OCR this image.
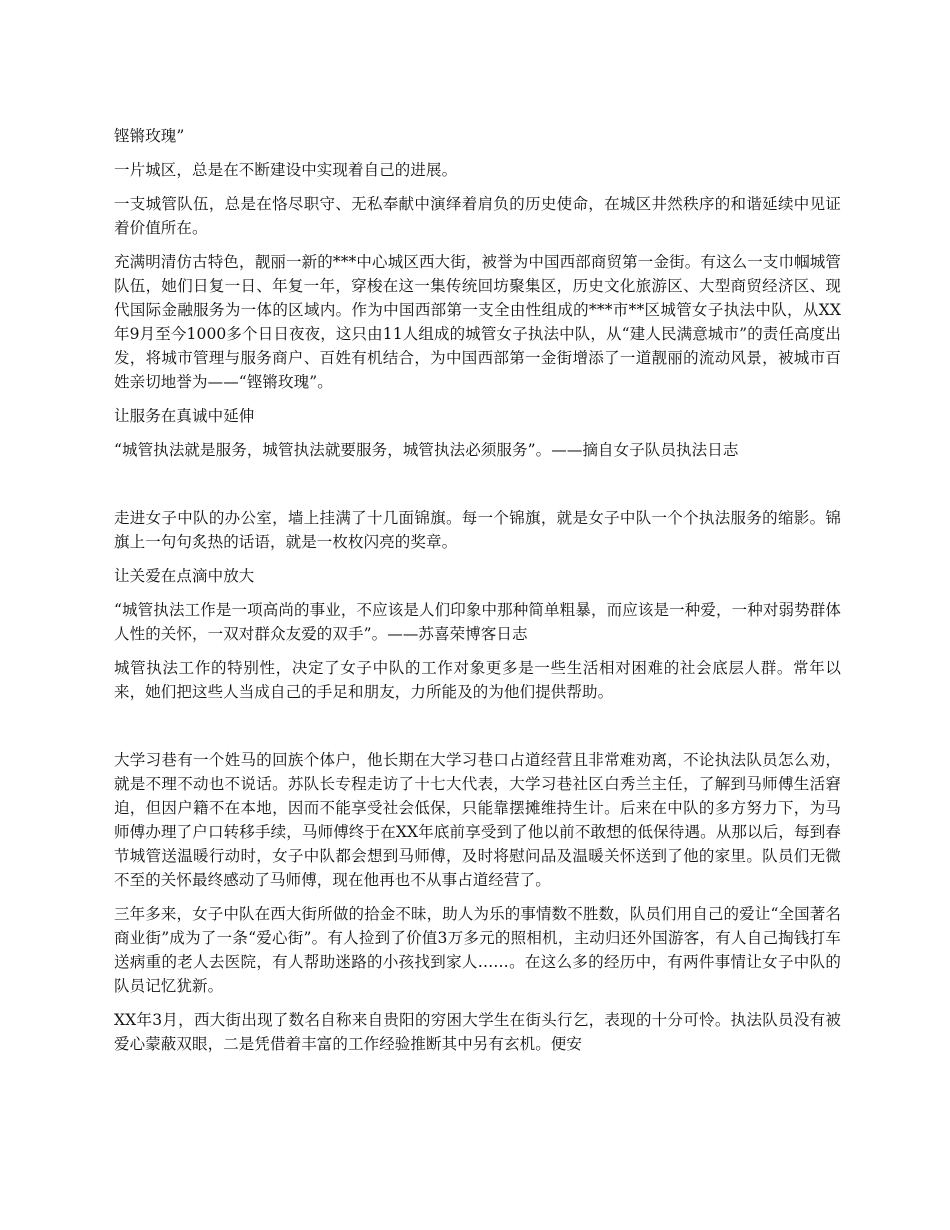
铿锵玫瑰”

一片城区，总是在不断建设中实现着自己的进展。

一支城管队伍，总是在恪尽职守、无私奉献中演绎着肩负的历史使命，在城区井然秩序的和谐延续中见证着价值所在。

充满明清仿古特色，靓丽一新的***中心城区西大街，被誉为中国西部商贸第一金街。有这么一支巾帼城管队伍，她们日复一日、年复一年，穿梭在这一集传统回坊聚集区，历史文化旅游区、大型商贸经济区、现代国际金融服务为一体的区域内。作为中国西部第一支全由性组成的***市**区城管女子执法中队，从XX年9月至今1000多个日日夜夜，这只由11人组成的城管女子执法中队，从“建人民满意城市”的责任高度出发，将城市管理与服务商户、百姓有机结合，为中国西部第一金街增添了一道靓丽的流动风景，被城市百姓亲切地誉为——“铿锵玫瑰”。

让服务在真诚中延伸

“城管执法就是服务，城管执法就要服务，城管执法必须服务”。——摘自女子队员执法日志

走进女子中队的办公室，墙上挂满了十几面锦旗。每一个锦旗，就是女子中队一个个执法服务的缩影。锦旗上一句句炙热的话语，就是一枚枚闪亮的奖章。

让关爱在点滴中放大

“城管执法工作是一项高尚的事业，不应该是人们印象中那种简单粗暴，而应该是一种爱，一种对弱势群体人性的关怀，一双对群众友爱的双手”。——苏喜荣博客日志

城管执法工作的特别性，决定了女子中队的工作对象更多是一些生活相对困难的社会底层人群。常年以来，她们把这些人当成自己的手足和朋友，力所能及的为他们提供帮助。

大学习巷有一个姓马的回族个体户，他长期在大学习巷口占道经营且非常难劝离，不论执法队员怎么劝，就是不理不动也不说话。苏队长专程走访了十七大代表，大学习巷社区白秀兰主任，了解到马师傅生活窘迫，但因户籍不在本地，因而不能享受社会低保，只能靠摆摊维持生计。后来在中队的多方努力下，为马师傅办理了户口转移手续，马师傅终于在XX年底前享受到了他以前不敢想的低保待遇。从那以后，每到春节城管送温暖行动时，女子中队都会想到马师傅，及时将慰问品及温暖关怀送到了他的家里。队员们无微不至的关怀最终感动了马师傅，现在他再也不从事占道经营了。

三年多来，女子中队在西大街所做的拾金不昧，助人为乐的事情数不胜数，队员们用自己的爱让“全国著名商业街”成为了一条“爱心街”。有人捡到了价值3万多元的照相机，主动归还外国游客，有人自己掏钱打车送病重的老人去医院，有人帮助迷路的小孩找到家人……。在这么多的经历中，有两件事情让女子中队的队员记忆犹新。

XX年3月，西大街出现了数名自称来自贵阳的穷困大学生在街头行乞，表现的十分可怜。执法队员没有被爱心蒙蔽双眼，二是凭借着丰富的工作经验推断其中另有玄机。便安
